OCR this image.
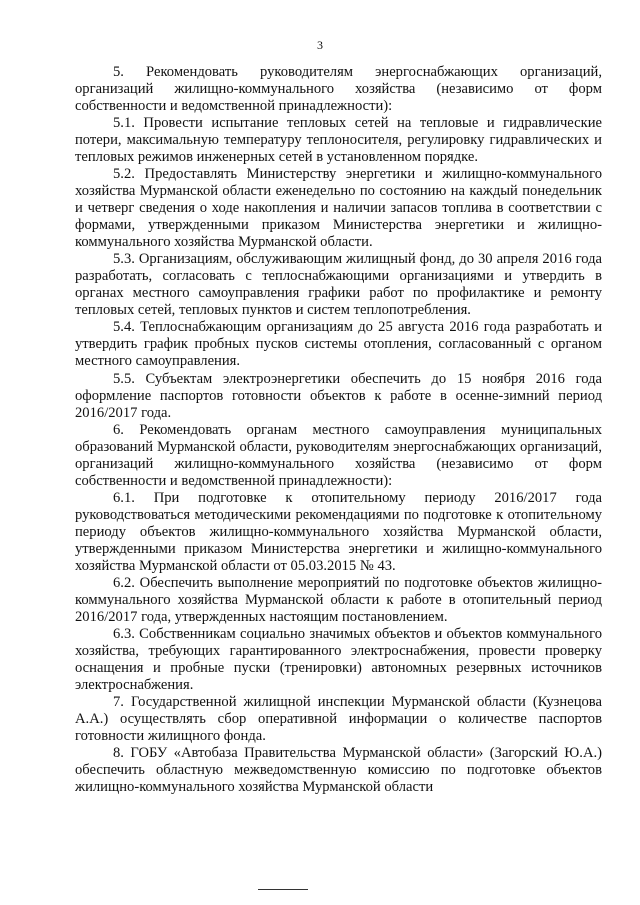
3

5. Рекомендовать руководителям энергоснабжающих организаций, организаций жилищно-коммунального хозяйства (независимо от форм собственности и ведомственной принадлежности):

5.1. Провести испытание тепловых сетей на тепловые и гидравлические потери, максимальную температуру теплоносителя, регулировку гидравлических и тепловых режимов инженерных сетей в установленном порядке.

5.2. Предоставлять Министерству энергетики и жилищно-коммунального хозяйства Мурманской области еженедельно по состоянию на каждый понедельник и четверг сведения о ходе накопления и наличии запасов топлива в соответствии с формами, утвержденными приказом Министерства энергетики и жилищно-коммунального хозяйства Мурманской области.

5.3. Организациям, обслуживающим жилищный фонд, до 30 апреля 2016 года разработать, согласовать с теплоснабжающими организациями и утвердить в органах местного самоуправления графики работ по профилактике и ремонту тепловых сетей, тепловых пунктов и систем теплопотребления.

5.4. Теплоснабжающим организациям до 25 августа 2016 года разработать и утвердить график пробных пусков системы отопления, согласованный с органом местного самоуправления.

5.5. Субъектам электроэнергетики обеспечить до 15 ноября 2016 года оформление паспортов готовности объектов к работе в осенне-зимний период 2016/2017 года.

6. Рекомендовать органам местного самоуправления муниципальных образований Мурманской области, руководителям энергоснабжающих организаций, организаций жилищно-коммунального хозяйства (независимо от форм собственности и ведомственной принадлежности):

6.1. При подготовке к отопительному периоду 2016/2017 года руководствоваться методическими рекомендациями по подготовке к отопительному периоду объектов жилищно-коммунального хозяйства Мурманской области, утвержденными приказом Министерства энергетики и жилищно-коммунального хозяйства Мурманской области от 05.03.2015 № 43.

6.2. Обеспечить выполнение мероприятий по подготовке объектов жилищно-коммунального хозяйства Мурманской области к работе в отопительный период 2016/2017 года, утвержденных настоящим постановлением.

6.3. Собственникам социально значимых объектов и объектов коммунального хозяйства, требующих гарантированного электроснабжения, провести проверку оснащения и пробные пуски (тренировки) автономных резервных источников электроснабжения.

7. Государственной жилищной инспекции Мурманской области (Кузнецова А.А.) осуществлять сбор оперативной информации о количестве паспортов готовности жилищного фонда.

8. ГОБУ «Автобаза Правительства Мурманской области» (Загорский Ю.А.) обеспечить областную межведомственную комиссию по подготовке объектов жилищно-коммунального хозяйства Мурманской области
